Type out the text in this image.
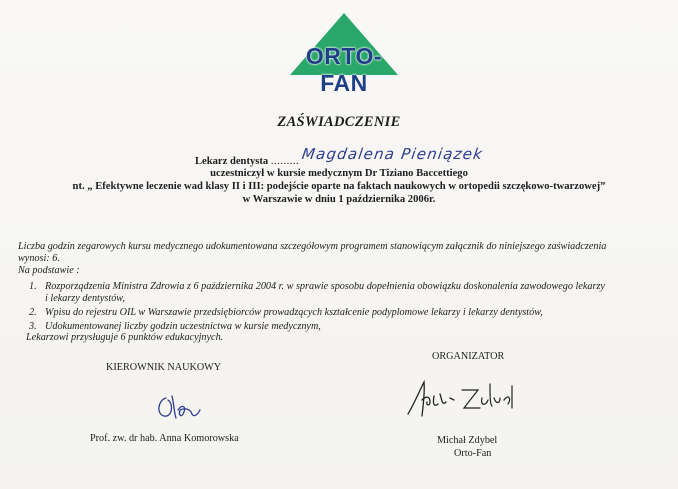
ORTO-FAN
ZAŚWIADCZENIE
Lekarz dentysta ......... Magdalena Pieniązek
uczestniczył w kursie medycznym Dr Tiziano Baccettiego
nt. „ Efektywne leczenie wad klasy II i III: podejście oparte na faktach naukowych w ortopedii szczękowo-twarzowej”
w Warszawie w dniu 1 października 2006r.
Liczba godzin zegarowych kursu medycznego udokumentowana szczegółowym programem stanowiącym załącznik do niniejszego zaświadczenia
wynosi: 6.
Na podstawie :
1. Rozporządzenia Ministra Zdrowia z 6 października 2004 r. w sprawie sposobu dopełnienia obowiązku doskonalenia zawodowego lekarzy
i lekarzy dentystów,
2. Wpisu do rejestru OIL w Warszawie przedsiębiorców prowadzących kształcenie podyplomowe lekarzy i lekarzy dentystów,
3. Udokumentowanej liczby godzin uczestnictwa w kursie medycznym,
Lekarzowi przysługuje 6 punktów edukacyjnych.
KIEROWNIK NAUKOWY
ORGANIZATOR
Prof. zw. dr hab. Anna Komorowska	Michał Zdybel
Orto-Fan
